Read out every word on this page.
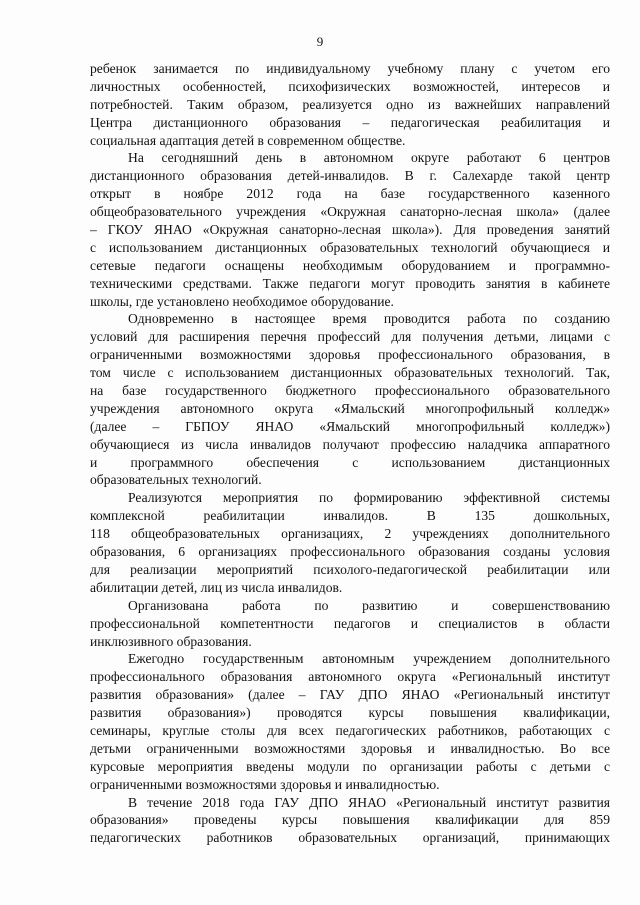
9
ребенок занимается по индивидуальному учебному плану с учетом его
личностных особенностей, психофизических возможностей, интересов и
потребностей. Таким образом, реализуется одно из важнейших направлений
Центра дистанционного образования – педагогическая реабилитация и
социальная адаптация детей в современном обществе.
На сегодняшний день в автономном округе работают 6 центров
дистанционного образования детей-инвалидов. В г. Салехарде такой центр
открыт в ноябре 2012 года на базе государственного казенного
общеобразовательного учреждения «Окружная санаторно-лесная школа» (далее
– ГКОУ ЯНАО «Окружная санаторно-лесная школа»). Для проведения занятий
с использованием дистанционных образовательных технологий обучающиеся и
сетевые педагоги оснащены необходимым оборудованием и программно-
техническими средствами. Также педагоги могут проводить занятия в кабинете
школы, где установлено необходимое оборудование.
Одновременно в настоящее время проводится работа по созданию
условий для расширения перечня профессий для получения детьми, лицами с
ограниченными возможностями здоровья профессионального образования, в
том числе с использованием дистанционных образовательных технологий. Так,
на базе государственного бюджетного профессионального образовательного
учреждения автономного округа «Ямальский многопрофильный колледж»
(далее – ГБПОУ ЯНАО «Ямальский многопрофильный колледж»)
обучающиеся из числа инвалидов получают профессию наладчика аппаратного
и программного обеспечения с использованием дистанционных
образовательных технологий.
Реализуются мероприятия по формированию эффективной системы
комплексной реабилитации инвалидов. В 135 дошкольных,
118 общеобразовательных организациях, 2 учреждениях дополнительного
образования, 6 организациях профессионального образования созданы условия
для реализации мероприятий психолого-педагогической реабилитации или
абилитации детей, лиц из числа инвалидов.
Организована работа по развитию и совершенствованию
профессиональной компетентности педагогов и специалистов в области
инклюзивного образования.
Ежегодно государственным автономным учреждением дополнительного
профессионального образования автономного округа «Региональный институт
развития образования» (далее – ГАУ ДПО ЯНАО «Региональный институт
развития образования») проводятся курсы повышения квалификации,
семинары, круглые столы для всех педагогических работников, работающих с
детьми ограниченными возможностями здоровья и инвалидностью. Во все
курсовые мероприятия введены модули по организации работы с детьми с
ограниченными возможностями здоровья и инвалидностью.
В течение 2018 года ГАУ ДПО ЯНАО «Региональный институт развития
образования» проведены курсы повышения квалификации для 859
педагогических работников образовательных организаций, принимающих
